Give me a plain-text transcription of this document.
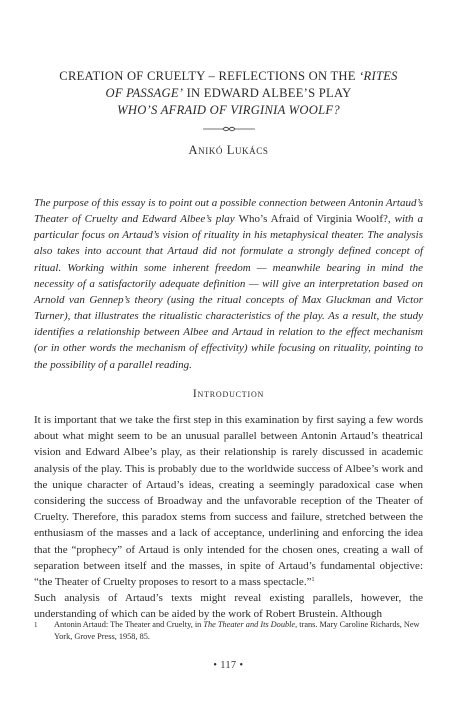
CREATION OF CRUELTY – REFLECTIONS ON THE ‘RITES
OF PASSAGE’ IN EDWARD ALBEE’S PLAY
WHO’S AFRAID OF VIRGINIA WOOLF?
Anikó Lukács

The purpose of this essay is to point out a possible connection between Antonin Artaud’s Theater of Cruelty and Edward Albee’s play Who’s Afraid of Virginia Woolf?, with a particular focus on Artaud’s vision of rituality in his metaphysical theater. The analysis also takes into account that Artaud did not formulate a strongly defined concept of ritual. Working within some inherent freedom — meanwhile bearing in mind the necessity of a satisfactorily adequate definition — will give an interpretation based on Arnold van Gennep’s theory (using the ritual concepts of Max Gluckman and Victor Turner), that illustrates the ritualistic characteristics of the play. As a result, the study identifies a relationship between Albee and Artaud in relation to the effect mechanism (or in other words the mechanism of effectivity) while focusing on rituality, pointing to the possibility of a parallel reading.

Introduction

It is important that we take the first step in this examination by first saying a few words about what might seem to be an unusual parallel between Antonin Artaud’s theatrical vision and Edward Albee’s play, as their relationship is rarely discussed in academic analysis of the play. This is probably due to the worldwide success of Albee’s work and the unique character of Artaud’s ideas, creating a seemingly paradoxical case when considering the success of Broadway and the unfavorable reception of the Theater of Cruelty. Therefore, this paradox stems from success and failure, stretched between the enthusiasm of the masses and a lack of acceptance, underlining and enforcing the idea that the “prophecy” of Artaud is only intended for the chosen ones, creating a wall of separation between itself and the masses, in spite of Artaud’s fundamental objective: “the Theater of Cruelty proposes to resort to a mass spectacle.”$^1$
Such analysis of Artaud’s texts might reveal existing parallels, however, the understanding of which can be aided by the work of Robert Brustein. Although

1	Antonin Artaud: The Theater and Cruelty, in The Theater and Its Double, trans. Mary Caroline Richards, New York, Grove Press, 1958, 85.
• 117 •
